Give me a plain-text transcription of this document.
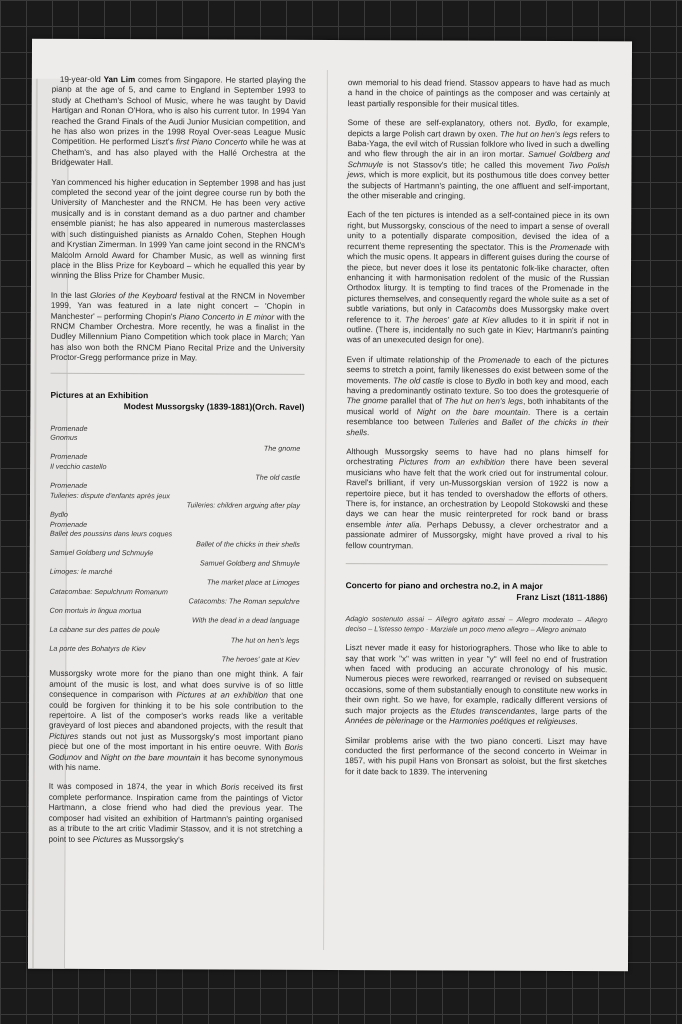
19-year-old Yan Lim comes from Singapore. He started playing the piano at the age of 5, and came to England in September 1993 to study at Chetham's School of Music, where he was taught by David Hartigan and Ronan O'Hora, who is also his current tutor. In 1994 Yan reached the Grand Finals of the Audi Junior Musician competition, and he has also won prizes in the 1998 Royal Over-seas League Music Competition. He performed Liszt's first Piano Concerto while he was at Chetham's, and has also played with the Hallé Orchestra at the Bridgewater Hall.

Yan commenced his higher education in September 1998 and has just completed the second year of the joint degree course run by both the University of Manchester and the RNCM. He has been very active musically and is in constant demand as a duo partner and chamber ensemble pianist; he has also appeared in numerous masterclasses with such distinguished pianists as Arnaldo Cohen, Stephen Hough and Krystian Zimerman. In 1999 Yan came joint second in the RNCM's Malcolm Arnold Award for Chamber Music, as well as winning first place in the Bliss Prize for Keyboard – which he equalled this year by winning the Bliss Prize for Chamber Music.

In the last Glories of the Keyboard festival at the RNCM in November 1999, Yan was featured in a late night concert – 'Chopin in Manchester' – performing Chopin's Piano Concerto in E minor with the RNCM Chamber Orchestra. More recently, he was a finalist in the Dudley Millennium Piano Competition which took place in March; Yan has also won both the RNCM Piano Recital Prize and the University Proctor-Gregg performance prize in May.

Pictures at an Exhibition
Modest Mussorgsky (1839-1881)(Orch. Ravel)
Promenade
Gnomus
The gnome
Promenade
Il vecchio castello
The old castle
Promenade
Tuileries: dispute d'enfants après jeux
Tuileries: children arguing after play
Bydlo
Promenade
Ballet des poussins dans leurs coques
Ballet of the chicks in their shells
Samuel Goldberg und Schmuyle
Samuel Goldberg and Shmuyle
Limoges: le marché
The market place at Limoges
Catacombae: Sepulchrum Romanum
Catacombs: The Roman sepulchre
Con mortuis in lingua mortua
With the dead in a dead language
La cabane sur des pattes de poule
The hut on hen's legs
La porte des Bohatyrs de Kiev
The heroes' gate at Kiev

Mussorgsky wrote more for the piano than one might think. A fair amount of the music is lost, and what does survive is of so little consequence in comparison with Pictures at an exhibition that one could be forgiven for thinking it to be his sole contribution to the repertoire. A list of the composer's works reads like a veritable graveyard of lost pieces and abandoned projects, with the result that Pictures stands out not just as Mussorgsky's most important piano piece but one of the most important in his entire oeuvre. With Boris Godunov and Night on the bare mountain it has become synonymous with his name.

It was composed in 1874, the year in which Boris received its first complete performance. Inspiration came from the paintings of Victor Hartmann, a close friend who had died the previous year. The composer had visited an exhibition of Hartmann's painting organised as a tribute to the art critic Vladimir Stassov, and it is not stretching a point to see Pictures as Mussorgsky's

own memorial to his dead friend. Stassov appears to have had as much a hand in the choice of paintings as the composer and was certainly at least partially responsible for their musical titles.

Some of these are self-explanatory, others not. Bydlo, for example, depicts a large Polish cart drawn by oxen. The hut on hen's legs refers to Baba-Yaga, the evil witch of Russian folklore who lived in such a dwelling and who flew through the air in an iron mortar. Samuel Goldberg and Schmuyle is not Stassov's title; he called this movement Two Polish jews, which is more explicit, but its posthumous title does convey better the subjects of Hartmann's painting, the one affluent and self-important, the other miserable and cringing.

Each of the ten pictures is intended as a self-contained piece in its own right, but Mussorgsky, conscious of the need to impart a sense of overall unity to a potentially disparate composition, devised the idea of a recurrent theme representing the spectator. This is the Promenade with which the music opens. It appears in different guises during the course of the piece, but never does it lose its pentatonic folk-like character, often enhancing it with harmonisation redolent of the music of the Russian Orthodox liturgy. It is tempting to find traces of the Promenade in the pictures themselves, and consequently regard the whole suite as a set of subtle variations, but only in Catacombs does Mussorgsky make overt reference to it. The heroes' gate at Kiev alludes to it in spirit if not in outline. (There is, incidentally no such gate in Kiev; Hartmann's painting was of an unexecuted design for one).

Even if ultimate relationship of the Promenade to each of the pictures seems to stretch a point, family likenesses do exist between some of the movements. The old castle is close to Bydlo in both key and mood, each having a predominantly ostinato texture. So too does the grotesquerie of The gnome parallel that of The hut on hen's legs, both inhabitants of the musical world of Night on the bare mountain. There is a certain resemblance too between Tuileries and Ballet of the chicks in their shells.

Although Mussorgsky seems to have had no plans himself for orchestrating Pictures from an exhibition there have been several musicians who have felt that the work cried out for instrumental colour. Ravel's brilliant, if very un-Mussorgskian version of 1922 is now a repertoire piece, but it has tended to overshadow the efforts of others. There is, for instance, an orchestration by Leopold Stokowski and these days we can hear the music reinterpreted for rock band or brass ensemble inter alia. Perhaps Debussy, a clever orchestrator and a passionate admirer of Mussorgsky, might have proved a rival to his fellow countryman.

Concerto for piano and orchestra no.2, in A major
Franz Liszt (1811-1886)
Adagio sostenuto assai – Allegro agitato assai – Allegro moderato – Allegro deciso – L'istesso tempo · Marziale un poco meno allegro – Allegro animato

Liszt never made it easy for historiographers. Those who like to able to say that work "x" was written in year "y" will feel no end of frustration when faced with producing an accurate chronology of his music. Numerous pieces were reworked, rearranged or revised on subsequent occasions, some of them substantially enough to constitute new works in their own right. So we have, for example, radically different versions of such major projects as the Etudes transcendantes, large parts of the Années de pèlerinage or the Harmonies poétiques et religieuses.

Similar problems arise with the two piano concerti. Liszt may have conducted the first performance of the second concerto in Weimar in 1857, with his pupil Hans von Bronsart as soloist, but the first sketches for it date back to 1839. The intervening
